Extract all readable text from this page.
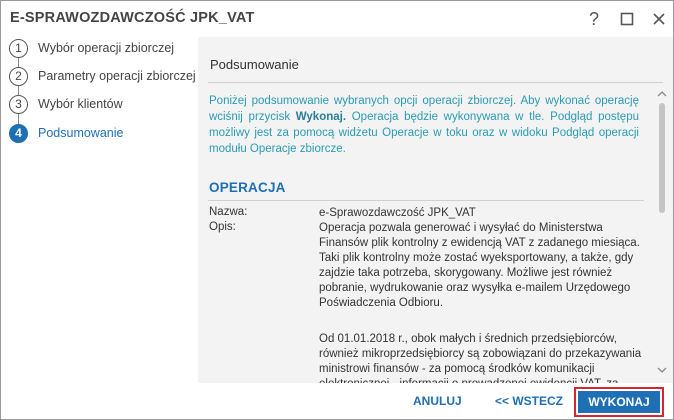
E-SPRAWOZDAWCZOŚĆ JPK_VAT	?
1	Wybór operacji zbiorczej
2	Parametry operacji zbiorczej
3	Wybór klientów
4	Podsumowanie
Podsumowanie
Poniżej podsumowanie wybranych opcji operacji zbiorczej. Aby wykonać operację wciśnij przycisk Wykonaj. Operacja będzie wykonywana w tle. Podgląd postępu możliwy jest za pomocą widżetu Operacje w toku oraz w widoku Podgląd operacji modułu Operacje zbiorcze.
OPERACJA
Nazwa:	e-Sprawozdawczość JPK_VAT
Opis:	Operacja pozwala generować i wysyłać do Ministerstwa Finansów plik kontrolny z ewidencją VAT z zadanego miesiąca. Taki plik kontrolny może zostać wyeksportowany, a także, gdy zajdzie taka potrzeba, skorygowany. Możliwe jest również pobranie, wydrukowanie oraz wysyłka e-mailem Urzędowego Poświadczenia Odbioru.

Od 01.01.2018 r., obok małych i średnich przedsiębiorców, również mikroprzedsiębiorcy są zobowiązani do przekazywania ministrowi finansów - za pomocą środków komunikacji

ANULUJ	<< WSTECZ	WYKONAJ
